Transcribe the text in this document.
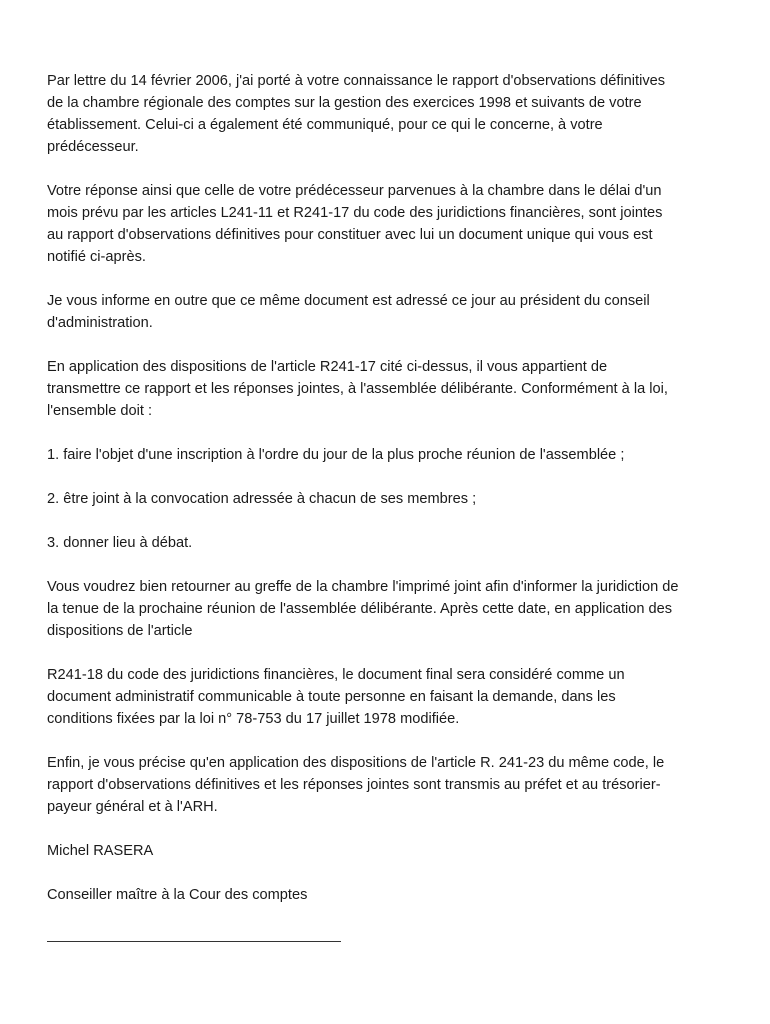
Par lettre du 14 février 2006, j'ai porté à votre connaissance le rapport d'observations définitives
de la chambre régionale des comptes sur la gestion des exercices 1998 et suivants de votre
établissement. Celui-ci a également été communiqué, pour ce qui le concerne, à votre
prédécesseur.

Votre réponse ainsi que celle de votre prédécesseur parvenues à la chambre dans le délai d'un
mois prévu par les articles L241-11 et R241-17 du code des juridictions financières, sont jointes
au rapport d'observations définitives pour constituer avec lui un document unique qui vous est
notifié ci-après.

Je vous informe en outre que ce même document est adressé ce jour au président du conseil
d'administration.

En application des dispositions de l'article R241-17 cité ci-dessus, il vous appartient de
transmettre ce rapport et les réponses jointes, à l'assemblée délibérante. Conformément à la loi,
l'ensemble doit :

1. faire l'objet d'une inscription à l'ordre du jour de la plus proche réunion de l'assemblée ;

2. être joint à la convocation adressée à chacun de ses membres ;

3. donner lieu à débat.

Vous voudrez bien retourner au greffe de la chambre l'imprimé joint afin d'informer la juridiction de
la tenue de la prochaine réunion de l'assemblée délibérante. Après cette date, en application des
dispositions de l'article

R241-18 du code des juridictions financières, le document final sera considéré comme un
document administratif communicable à toute personne en faisant la demande, dans les
conditions fixées par la loi n° 78-753 du 17 juillet 1978 modifiée.

Enfin, je vous précise qu'en application des dispositions de l'article R. 241-23 du même code, le
rapport d'observations définitives et les réponses jointes sont transmis au préfet et au trésorier-
payeur général et à l'ARH.

Michel RASERA

Conseiller maître à la Cour des comptes
